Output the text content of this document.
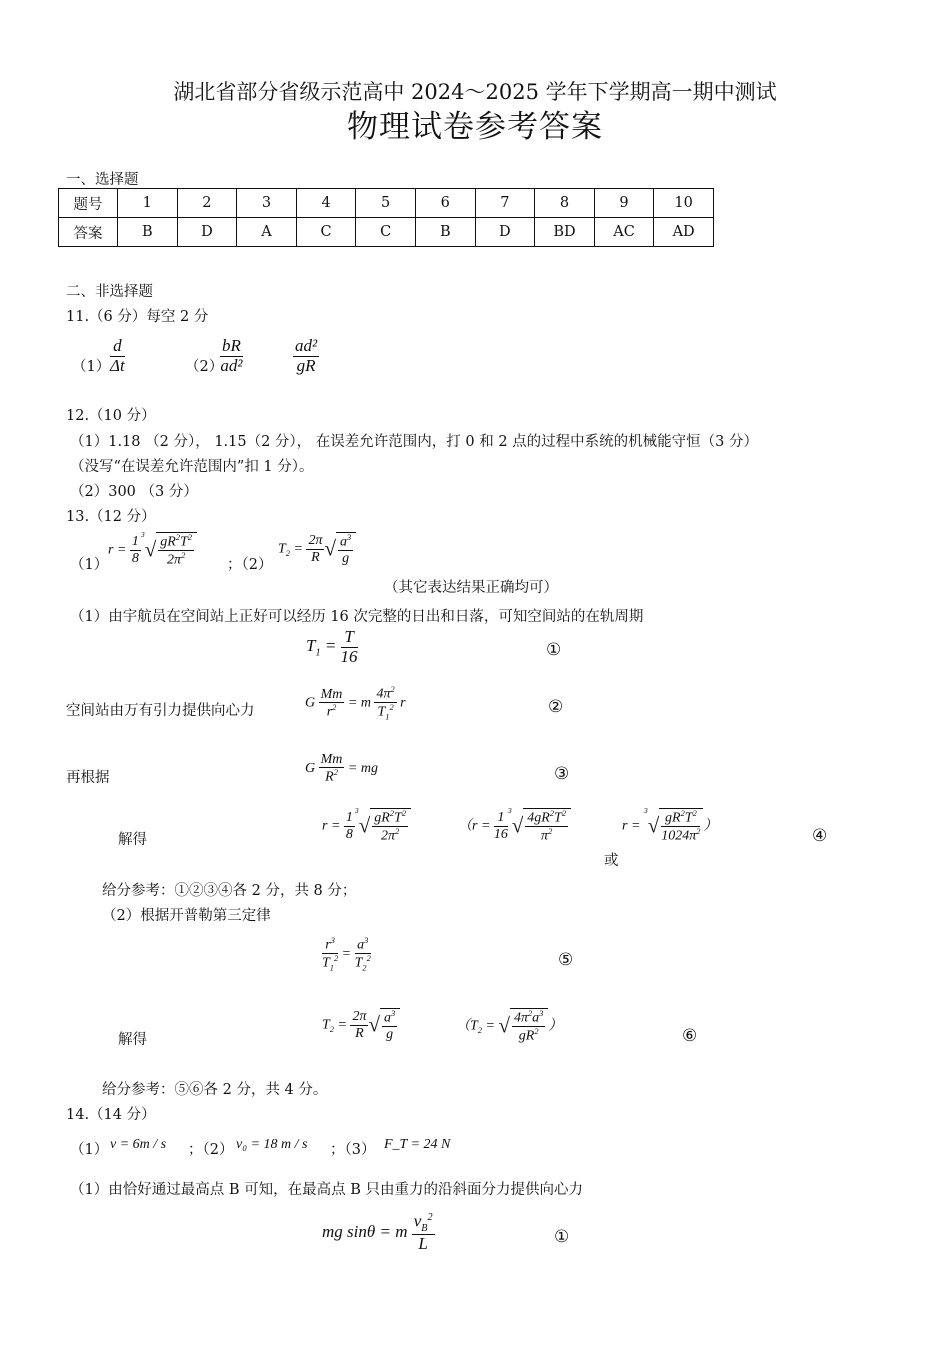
湖北省部分省级示范高中 2024～2025 学年下学期高一期中测试
物理试卷参考答案
一、选择题
题号	1	2	3	4	5	6	7	8	9	10
答案	B	D	A	C	C	B	D	BD	AC	AD
二、非选择题
11.（6 分）每空 2 分
$(1) \frac{d}{\Delta t}$	（2）
$\frac{bR}{\text{ad²}}$	$\frac{\text{ad²}}{gR}$
12.（10 分）
（1）1.18 （2 分）， 1.15（2 分）， 在误差允许范围内，打 0 和 2 点的过程中系统的机械能守恒（3 分）
（没写“在误差允许范围内”扣 1 分）。
（2）300 （3 分）
13.（12 分）
（1）
$r = \frac{1}{8} ^3√ \frac{gR^2T^2}{2\pi^2}$ ；（2）
$T_2 = \frac{2\pi}{R}$ √ $\frac{a^3}{g}$
（其它表达结果正确均可）
（1）由宇航员在空间站上正好可以经历 16 次完整的日出和日落，可知空间站的在轨周期
$T_1 = \frac{T}{16}$	①
空间站由万有引力提供向心力	G $\frac{Mm}{r^2} = m \frac{4\pi^2}{T_1^2}$ r	②
再根据
G $\frac{Mm}{R^2}$ = mg	③
解得
$r = \frac{1}{8} ^3√ \frac{gR^2T^2}{2\pi^2}$	（$r = \frac{1}{16} ^3√ \frac{4gR^2T^2}{\pi^2}$
或
$r = ^3√ \frac{gR^2T^2}{1024\pi^2}$ ）
④
给分参考：①②③④各 2 分，共 8 分；
（2）根据开普勒第三定律
$\frac{r^3}{T_1^2} = \frac{a^3}{T_2^2}$	⑤
解得
$T_2 = \frac{2\pi}{R}$ √ $\frac{a^3}{g}$	（$T_2$ = √ $\frac{4\pi^2a^3}{gR^2}$ ）
⑥
给分参考：⑤⑥各 2 分，共 4 分。
14.（14 分）
（1） v = 6m / s ；（2） v₀ = 18 m / s ；（3） F_T = 24 N
（1）由恰好通过最高点 B 可知，在最高点 B 只由重力的沿斜面分力提供向心力
mg sinθ = m $\frac{v_B^2}{L}$	①
